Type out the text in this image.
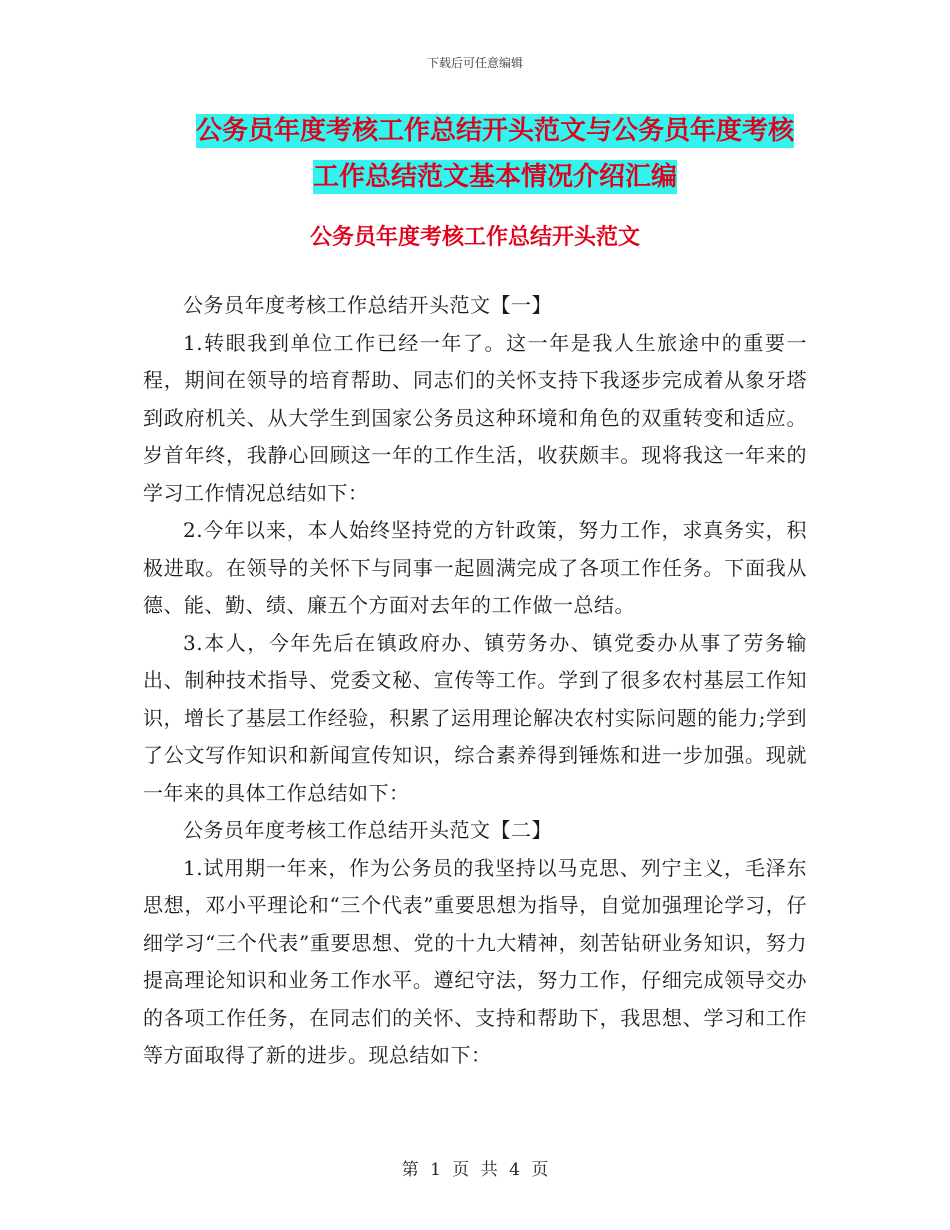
下载后可任意编辑
公务员年度考核工作总结开头范文与公务员年度考核
工作总结范文基本情况介绍汇编
公务员年度考核工作总结开头范文

公务员年度考核工作总结开头范文【一】

1.转眼我到单位工作已经一年了。这一年是我人生旅途中的重要一程，期间在领导的培育帮助、同志们的关怀支持下我逐步完成着从象牙塔到政府机关、从大学生到国家公务员这种环境和角色的双重转变和适应。岁首年终，我静心回顾这一年的工作生活，收获颇丰。现将我这一年来的学习工作情况总结如下：

2.今年以来，本人始终坚持党的方针政策，努力工作，求真务实，积极进取。在领导的关怀下与同事一起圆满完成了各项工作任务。下面我从德、能、勤、绩、廉五个方面对去年的工作做一总结。

3.本人，今年先后在镇政府办、镇劳务办、镇党委办从事了劳务输出、制种技术指导、党委文秘、宣传等工作。学到了很多农村基层工作知识，增长了基层工作经验，积累了运用理论解决农村实际问题的能力;学到了公文写作知识和新闻宣传知识，综合素养得到锤炼和进一步加强。现就一年来的具体工作总结如下：

公务员年度考核工作总结开头范文【二】

1.试用期一年来，作为公务员的我坚持以马克思、列宁主义，毛泽东思想，邓小平理论和“三个代表”重要思想为指导，自觉加强理论学习，仔细学习“三个代表”重要思想、党的十九大精神，刻苦钻研业务知识，努力提高理论知识和业务工作水平。遵纪守法，努力工作，仔细完成领导交办的各项工作任务，在同志们的关怀、支持和帮助下，我思想、学习和工作等方面取得了新的进步。现总结如下：

第 1 页 共 4 页
